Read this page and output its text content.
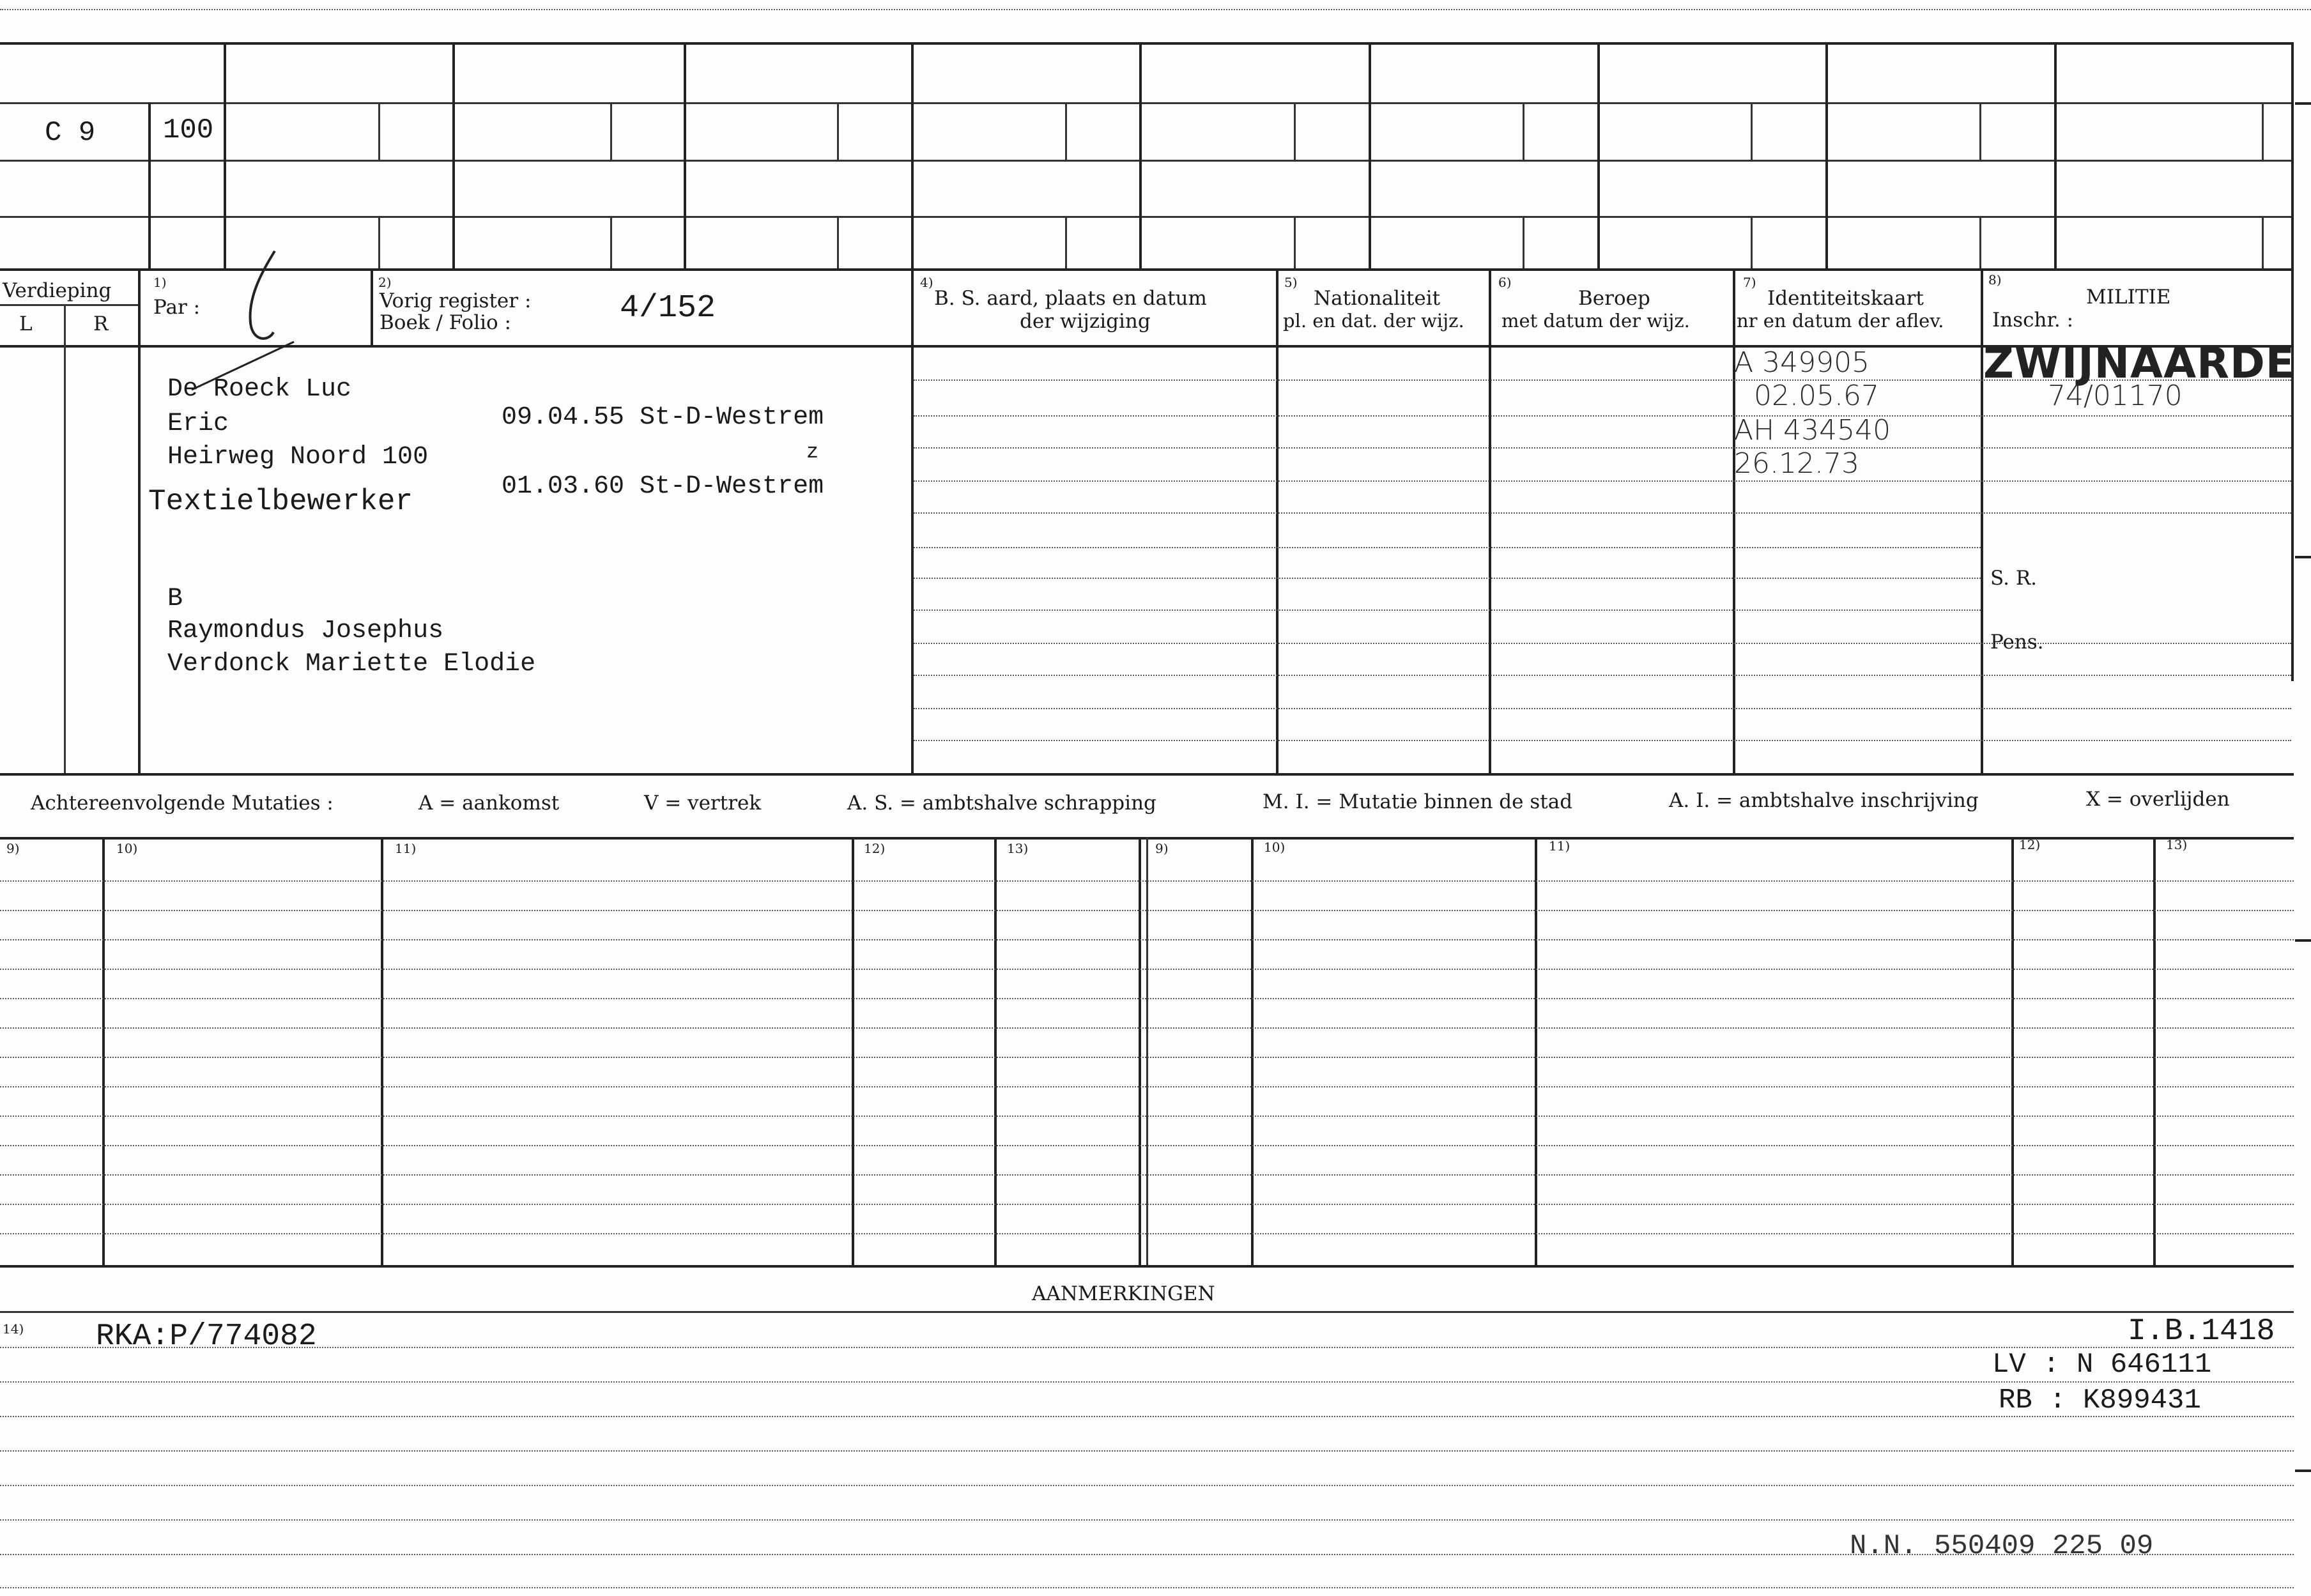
C 9 100
Verdieping
L	R
1)
Par :
2)
Vorig register :
Boek / Folio :	4/152
4)
B. S. aard, plaats en datum
der wijziging
5)
Nationaliteit
pl. en dat. der wijz.
6)
Beroep
met datum der wijz.
7)
Identiteitskaart
nr en datum der aflev.
8)
MILITIE
Inschr. :
De Roeck Luc
Eric	09.04.55 St-D-Westrem
Heirweg Noord 100	z
Textielbewerker	01.03.60 St-D-Westrem
B
Raymondus Josephus
Verdonck Mariette Elodie
A 349905
02.05.67
AH 434540
26.12.73
ZWIJNAARDE
74/01170
S. R.
Pens.
Achtereenvolgende Mutaties :	A = aankomst	V = vertrek	A. S. = ambtshalve schrapping	M. I. = Mutatie binnen de stad	A. I. = ambtshalve inschrijving	X = overlijden
9)	10)	11)	12)	13)	9)	10)	11)	12)	13)
AANMERKINGEN
14) RKA:P/774082	I.B.1418
LV : N 646111
RB : K899431
N.N. 550409 225 09
